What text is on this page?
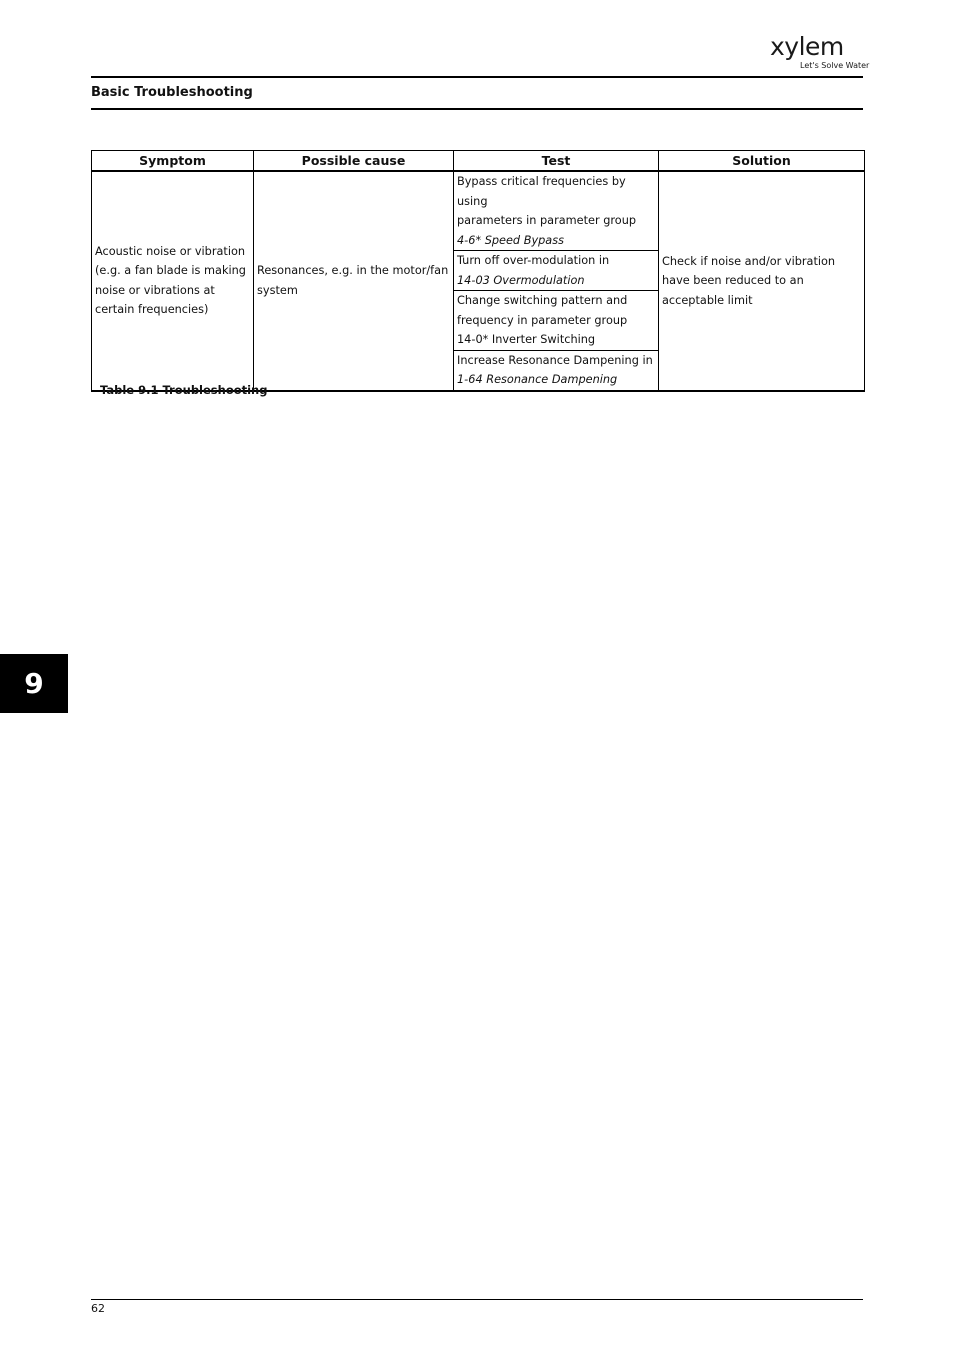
xylem
Let's Solve Water
Basic Troubleshooting
Symptom	Possible cause	Test	Solution

Acoustic noise or vibration
(e.g. a fan blade is making
noise or vibrations at
certain frequencies)	Resonances, e.g. in the motor/fan
system	Bypass critical frequencies by using
parameters in parameter group
4-6* Speed Bypass	Check if noise and/or vibration
have been reduced to an
acceptable limit

		Turn off over-modulation in
14-03 Overmodulation	

		Change switching pattern and
frequency in parameter group
14-0* Inverter Switching	

		Increase Resonance Dampening in
1-64 Resonance Dampening	
Table 9.1 Troubleshooting
9
62
